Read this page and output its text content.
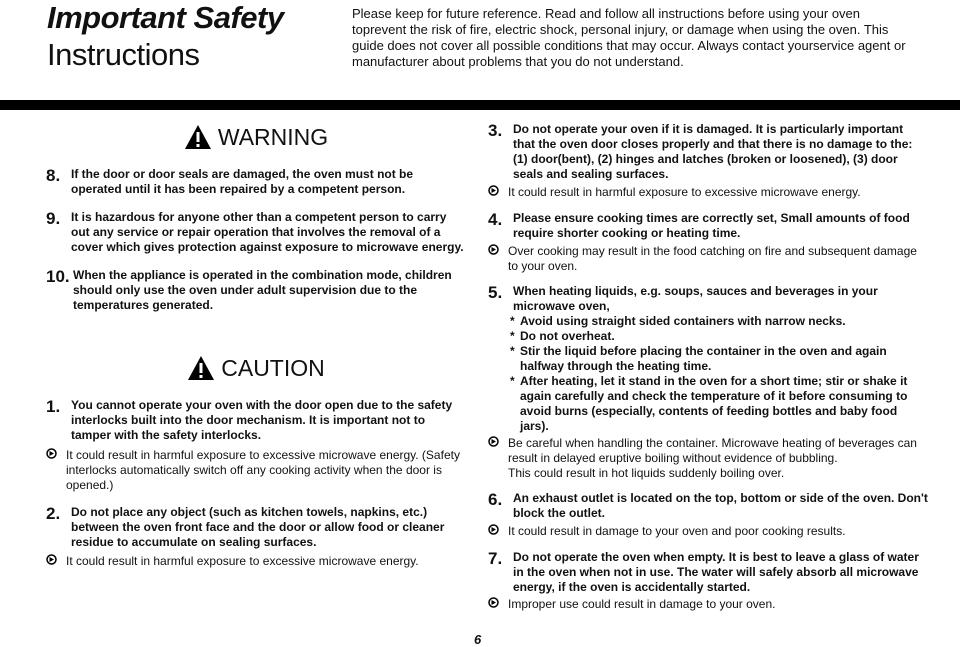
Important Safety
Instructions
Please keep for future reference. Read and follow all instructions before using your oven toprevent the risk of fire, electric shock, personal injury, or damage when using the oven. This guide does not cover all possible conditions that may occur. Always contact yourservice agent or manufacturer about problems that you do not understand.
WARNING
8. If the door or door seals are damaged, the oven must not be operated until it has been repaired by a competent person.
9. It is hazardous for anyone other than a competent person to carry out any service or repair operation that involves the removal of a cover which gives protection against exposure to microwave energy.
10. When the appliance is operated in the combination mode, children should only use the oven under adult supervision due to the temperatures generated.
CAUTION
1. You cannot operate your oven with the door open due to the safety interlocks built into the door mechanism. It is important not to tamper with the safety interlocks.
It could result in harmful exposure to excessive microwave energy. (Safety interlocks automatically switch off any cooking activity when the door is opened.)
2. Do not place any object (such as kitchen towels, napkins, etc.) between the oven front face and the door or allow food or cleaner residue to accumulate on sealing surfaces.
It could result in harmful exposure to excessive microwave energy.
3. Do not operate your oven if it is damaged. It is particularly important that the oven door closes properly and that there is no damage to the: (1) door(bent), (2) hinges and latches (broken or loosened), (3) door seals and sealing surfaces.
It could result in harmful exposure to excessive microwave energy.
4. Please ensure cooking times are correctly set, Small amounts of food require shorter cooking or heating time.
Over cooking may result in the food catching on fire and subsequent damage to your oven.
5. When heating liquids, e.g. soups, sauces and beverages in your microwave oven,
* Avoid using straight sided containers with narrow necks.
* Do not overheat.
* Stir the liquid before placing the container in the oven and again halfway through the heating time.
* After heating, let it stand in the oven for a short time; stir or shake it again carefully and check the temperature of it before consuming to avoid burns (especially, contents of feeding bottles and baby food jars).
Be careful when handling the container. Microwave heating of beverages can result in delayed eruptive boiling without evidence of bubbling.
This could result in hot liquids suddenly boiling over.
6. An exhaust outlet is located on the top, bottom or side of the oven. Don't block the outlet.
It could result in damage to your oven and poor cooking results.
7. Do not operate the oven when empty. It is best to leave a glass of water in the oven when not in use. The water will safely absorb all microwave energy, if the oven is accidentally started.
Improper use could result in damage to your oven.
6
